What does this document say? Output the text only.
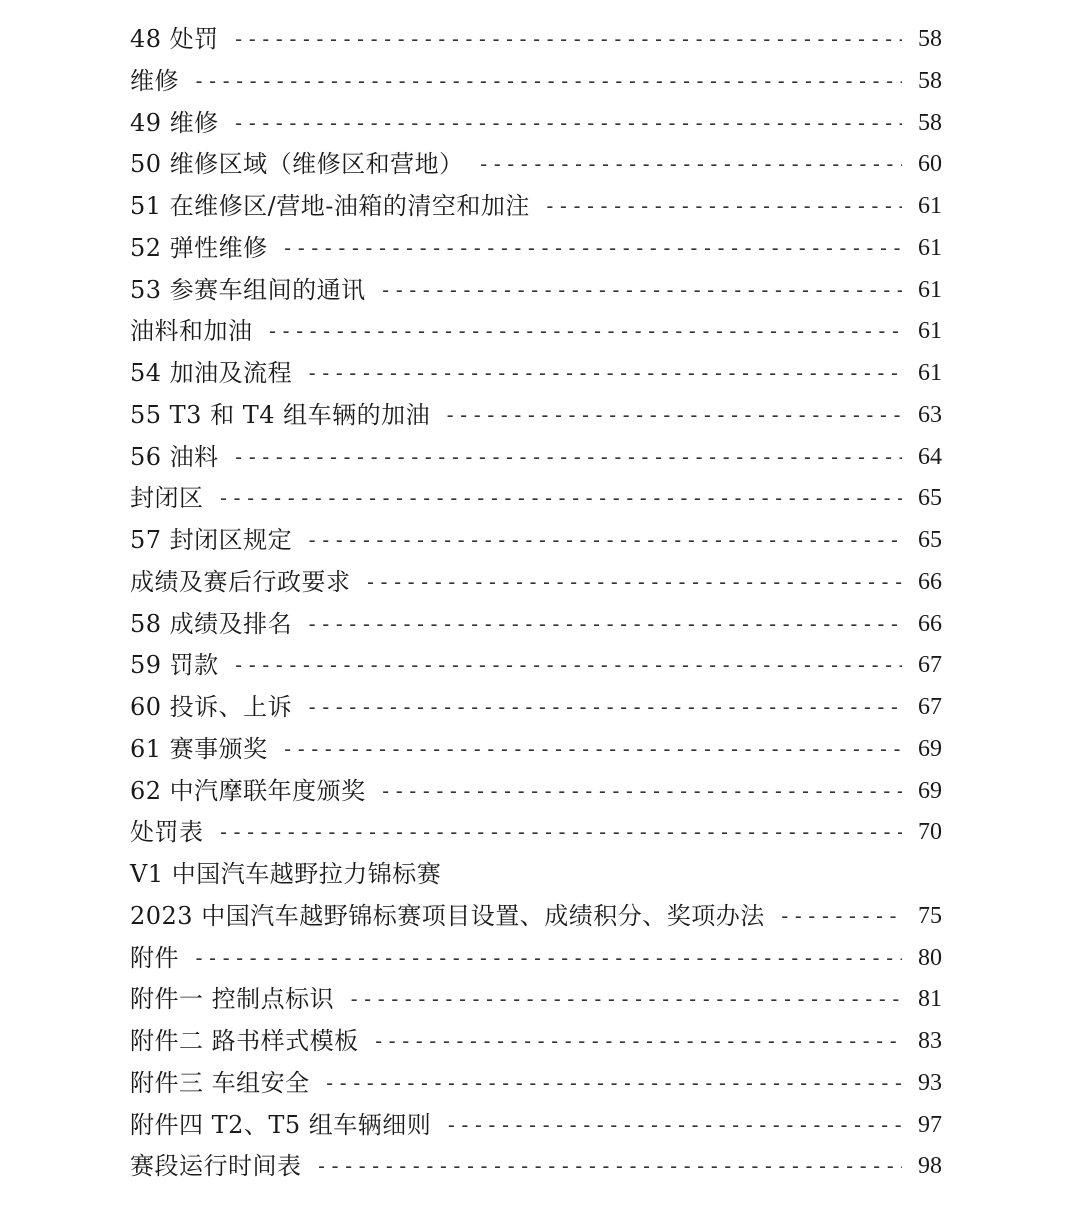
48 处罚 -----	58
维修 -----	58
49 维修 -----	58
50 维修区域（维修区和营地） -----	60
51 在维修区/营地-油箱的清空和加注 -----	61
52 弹性维修 -----	61
53 参赛车组间的通讯 -----	61
油料和加油 -----	61
54 加油及流程 -----	61
55 T3 和 T4 组车辆的加油 -----	63
56 油料 -----	64
封闭区 -----	65
57 封闭区规定 -----	65
成绩及赛后行政要求 -----	66
58 成绩及排名 -----	66
59 罚款 -----	67
60 投诉、上诉 -----	67
61 赛事颁奖 -----	69
62 中汽摩联年度颁奖 -----	69
处罚表 -----	70
V1 中国汽车越野拉力锦标赛
2023 中国汽车越野锦标赛项目设置、成绩积分、奖项办法 -----	75
附件 -----	80
附件一 控制点标识 -----	81
附件二 路书样式模板 -----	83
附件三 车组安全 -----	93
附件四 T2、T5 组车辆细则 -----	97
赛段运行时间表 -----	98
